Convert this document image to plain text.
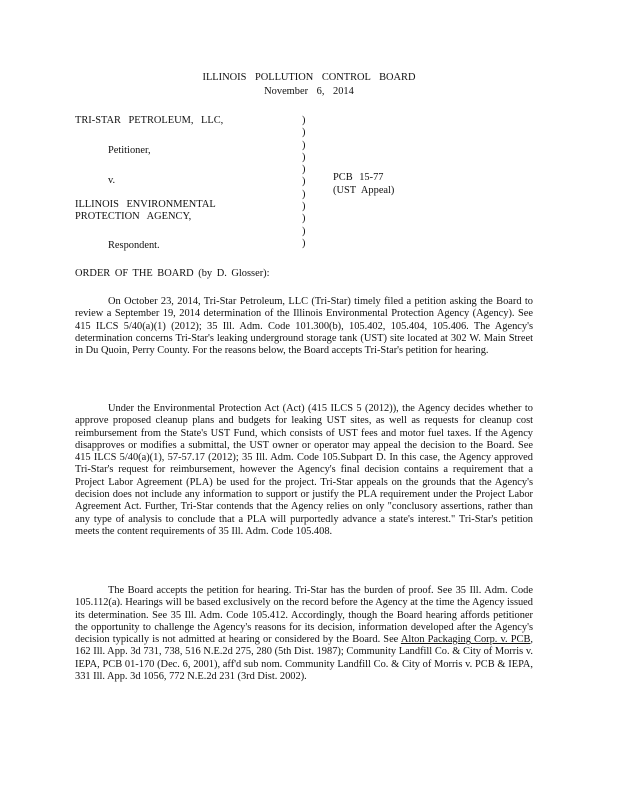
ILLINOIS POLLUTION CONTROL BOARD
November 6, 2014
TRI-STAR PETROLEUM, LLC,
Petitioner,
v.
ILLINOIS ENVIRONMENTAL
PROTECTION AGENCY,
Respondent.
)
)
)
)
)
)
)
)
)
)
)
PCB 15-77
(UST Appeal)
ORDER OF THE BOARD (by D. Glosser):

On October 23, 2014, Tri-Star Petroleum, LLC (Tri-Star) timely filed a petition asking the Board to review a September 19, 2014 determination of the Illinois Environmental Protection Agency (Agency). See 415 ILCS 5/40(a)(1) (2012); 35 Ill. Adm. Code 101.300(b), 105.402, 105.404, 105.406. The Agency's determination concerns Tri-Star's leaking underground storage tank (UST) site located at 302 W. Main Street in Du Quoin, Perry County. For the reasons below, the Board accepts Tri-Star's petition for hearing.

Under the Environmental Protection Act (Act) (415 ILCS 5 (2012)), the Agency decides whether to approve proposed cleanup plans and budgets for leaking UST sites, as well as requests for cleanup cost reimbursement from the State's UST Fund, which consists of UST fees and motor fuel taxes. If the Agency disapproves or modifies a submittal, the UST owner or operator may appeal the decision to the Board. See 415 ILCS 5/40(a)(1), 57-57.17 (2012); 35 Ill. Adm. Code 105.Subpart D. In this case, the Agency approved Tri-Star's request for reimbursement, however the Agency's final decision contains a requirement that a Project Labor Agreement (PLA) be used for the project. Tri-Star appeals on the grounds that the Agency's decision does not include any information to support or justify the PLA requirement under the Project Labor Agreement Act. Further, Tri-Star contends that the Agency relies on only "conclusory assertions, rather than any type of analysis to conclude that a PLA will purportedly advance a state's interest." Tri-Star's petition meets the content requirements of 35 Ill. Adm. Code 105.408.

The Board accepts the petition for hearing. Tri-Star has the burden of proof. See 35 Ill. Adm. Code 105.112(a). Hearings will be based exclusively on the record before the Agency at the time the Agency issued its determination. See 35 Ill. Adm. Code 105.412. Accordingly, though the Board hearing affords petitioner the opportunity to challenge the Agency's reasons for its decision, information developed after the Agency's decision typically is not admitted at hearing or considered by the Board. See Alton Packaging Corp. v. PCB, 162 Ill. App. 3d 731, 738, 516 N.E.2d 275, 280 (5th Dist. 1987); Community Landfill Co. & City of Morris v. IEPA, PCB 01-170 (Dec. 6, 2001), aff'd sub nom. Community Landfill Co. & City of Morris v. PCB & IEPA, 331 Ill. App. 3d 1056, 772 N.E.2d 231 (3rd Dist. 2002).
